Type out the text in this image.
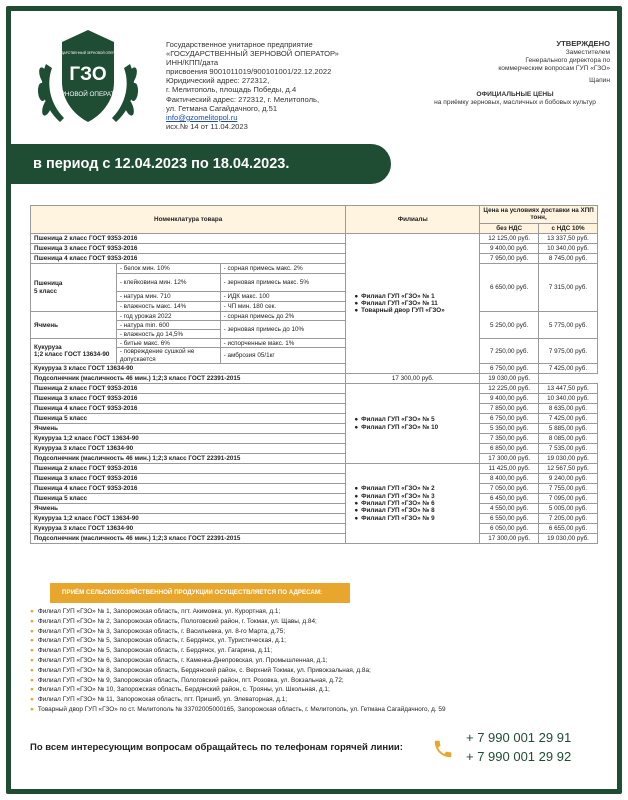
ГОСУДАРСТВЕННЫЙ ЗЕРНОВОЙ ОПЕРАТОР
ГЗО
ЗЕРНОВОЙ ОПЕРАТОР
Государственное унитарное предприятие
«ГОСУДАРСТВЕННЫЙ ЗЕРНОВОЙ ОПЕРАТОР»
ИНН/КПП/дата
присвоения 9001011019/900101001/22.12.2022
Юридический адрес: 272312,
г. Мелитополь, площадь Победы, д.4
Фактический адрес: 272312, г. Мелитополь,
ул. Гетмана Сагайдачного, д.51
info@gzomelitopol.ru
исх.№ 14 от 11.04.2023
УТВЕРЖДЕНО
Заместителем
Генерального директора по
коммерческим вопросам ГУП «ГЗО»
Щапин
ОФИЦИАЛЬНЫЕ ЦЕНЫ
на приёмку зерновых, масличных и бобовых культур
в период с 12.04.2023 по 18.04.2023.
Номенклатура товара			Филиалы	Цена на условиях доставки на ХПП тонн,	
				без НДС	с НДС 10%
Пшеница 2 класс ГОСТ 9353-2016			● Филиал ГУП «ГЗО» № 1
● Филиал ГУП «ГЗО» № 11
● Товарный двор ГУП «ГЗО»	12 125,00 руб.	13 337,50 руб.
Пшеница 3 класс ГОСТ 9353-2016				9 400,00 руб.	10 340,00 руб.
Пшеница 4 класс ГОСТ 9353-2016				7 950,00 руб.	8 745,00 руб.

Пшеница
5 класс	- белок мин. 10%	- сорная примесь макс. 2%		6 650,00 руб.	7 315,00 руб.
	- клейковина мин. 12%	- зерновая примесь макс. 5%			
	- натура мин. 710	- ИДК макс. 100			
	- влажность макс. 14%	- ЧП мин. 180 сек.			
Ячмень	- год урожая 2022	- сорная примесь до 2%		5 250,00 руб.	5 775,00 руб.
	- натура min. 600	- зерновая примесь до 10%			
	- влажность до 14,5%				

Кукуруза
1;2 класс ГОСТ 13634-90	- битые макс. 6%	- испорченные макс. 1%		7 250,00 руб.	7 975,00 руб.
	- повреждение сушкой не допускается	- амброзия 05/1кг			
Кукуруза 3 класс ГОСТ 13634-90				6 750,00 руб.	7 425,00 руб.
Подсолнечник (масличность 46 мин.) 1;2;3 класс ГОСТ 22391-2015			17 300,00 руб.	19 030,00 руб.	
Пшеница 2 класс ГОСТ 9353-2016			● Филиал ГУП «ГЗО» № 5
● Филиал ГУП «ГЗО» № 10	12 225,00 руб.	13 447,50 руб.
Пшеница 3 класс ГОСТ 9353-2016				9 400,00 руб.	10 340,00 руб.
Пшеница 4 класс ГОСТ 9353-2016				7 850,00 руб.	8 635,00 руб.
Пшеница 5 класс				6 750,00 руб.	7 425,00 руб.
Ячмень				5 350,00 руб.	5 885,00 руб.
Кукуруза 1;2 класс ГОСТ 13634-90				7 350,00 руб.	8 085,00 руб.
Кукуруза 3 класс ГОСТ 13634-90				6 850,00 руб.	7 535,00 руб.
Подсолнечник (масличность 46 мин.) 1;2;3 класс ГОСТ 22391-2015				17 300,00 руб.	19 030,00 руб.
Пшеница 2 класс ГОСТ 9353-2016			● Филиал ГУП «ГЗО» № 2
● Филиал ГУП «ГЗО» № 3
● Филиал ГУП «ГЗО» № 6
● Филиал ГУП «ГЗО» № 8
● Филиал ГУП «ГЗО» № 9	11 425,00 руб.	12 567,50 руб.
Пшеница 3 класс ГОСТ 9353-2016				8 400,00 руб.	9 240,00 руб.
Пшеница 4 класс ГОСТ 9353-2016				7 050,00 руб.	7 755,00 руб.
Пшеница 5 класс				6 450,00 руб.	7 095,00 руб.
Ячмень				4 550,00 руб.	5 005,00 руб.
Кукуруза 1;2 класс ГОСТ 13634-90				6 550,00 руб.	7 205,00 руб.
Кукуруза 3 класс ГОСТ 13634-90				6 050,00 руб.	6 655,00 руб.
Подсолнечник (масличность 46 мин.) 1;2;3 класс ГОСТ 22391-2015				17 300,00 руб.	19 030,00 руб.
ПРИЁМ СЕЛЬСКОХОЗЯЙСТВЕННОЙ ПРОДУКЦИИ ОСУЩЕСТВЛЯЕТСЯ ПО АДРЕСАМ:
● Филиал ГУП «ГЗО» № 1, Запорожская область, пгт. Акимовка, ул. Курортная, д.1;
● Филиал ГУП «ГЗО» № 2, Запорожская область, Пологовский район, г. Токмак, ул. Щавы, д.84;
● Филиал ГУП «ГЗО» № 3, Запорожская область, г. Васильевка, ул. 8-го Марта, д.75;
● Филиал ГУП «ГЗО» № 5, Запорожская область, г. Бердянск, ул. Туристическая, д.1;
● Филиал ГУП «ГЗО» № 5, Запорожская область, г. Бердянск, ул. Гагарина, д.11;
● Филиал ГУП «ГЗО» № 6, Запорожская область, г. Каменка-Днепровская, ул. Промышленная, д.1;
● Филиал ГУП «ГЗО» № 8, Запорожская область, Бердянский район, с. Верхний Токмак, ул. Привокзальная, д.8а;
● Филиал ГУП «ГЗО» № 9, Запорожская область, Пологовский район, пгт. Розовка, ул. Вокзальная, д.72;
● Филиал ГУП «ГЗО» № 10, Запорожская область, Бердянский район, с. Трояны, ул. Школьная, д.1;
● Филиал ГУП «ГЗО» № 11, Запорожская область, пгт. Пришиб, ул. Элеваторная, д.1;
● Товарный двор ГУП «ГЗО» по ст. Мелитополь № 33702005000165, Запорожская область, г. Мелитополь, ул. Гетмана Сагайдачного, д. 59
По всем интересующим вопросам обращайтесь по телефонам горячей линии:
+ 7 990 001 29 91
+ 7 990 001 29 92
